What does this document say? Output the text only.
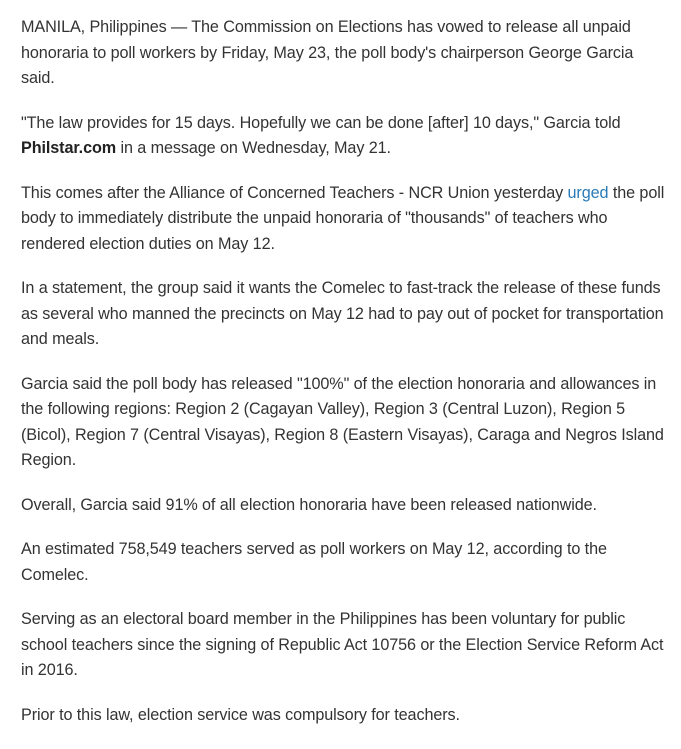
MANILA, Philippines — The Commission on Elections has vowed to release all unpaid honoraria to poll workers by Friday, May 23, the poll body's chairperson George Garcia said.

"The law provides for 15 days. Hopefully we can be done [after] 10 days," Garcia told Philstar.com in a message on Wednesday, May 21.

This comes after the Alliance of Concerned Teachers - NCR Union yesterday urged the poll body to immediately distribute the unpaid honoraria of "thousands" of teachers who rendered election duties on May 12.

In a statement, the group said it wants the Comelec to fast-track the release of these funds as several who manned the precincts on May 12 had to pay out of pocket for transportation and meals.

Garcia said the poll body has released "100%" of the election honoraria and allowances in the following regions: Region 2 (Cagayan Valley), Region 3 (Central Luzon), Region 5 (Bicol), Region 7 (Central Visayas), Region 8 (Eastern Visayas), Caraga and Negros Island Region.

Overall, Garcia said 91% of all election honoraria have been released nationwide.

An estimated 758,549 teachers served as poll workers on May 12, according to the Comelec.

Serving as an electoral board member in the Philippines has been voluntary for public school teachers since the signing of Republic Act 10756 or the Election Service Reform Act in 2016.

Prior to this law, election service was compulsory for teachers.
